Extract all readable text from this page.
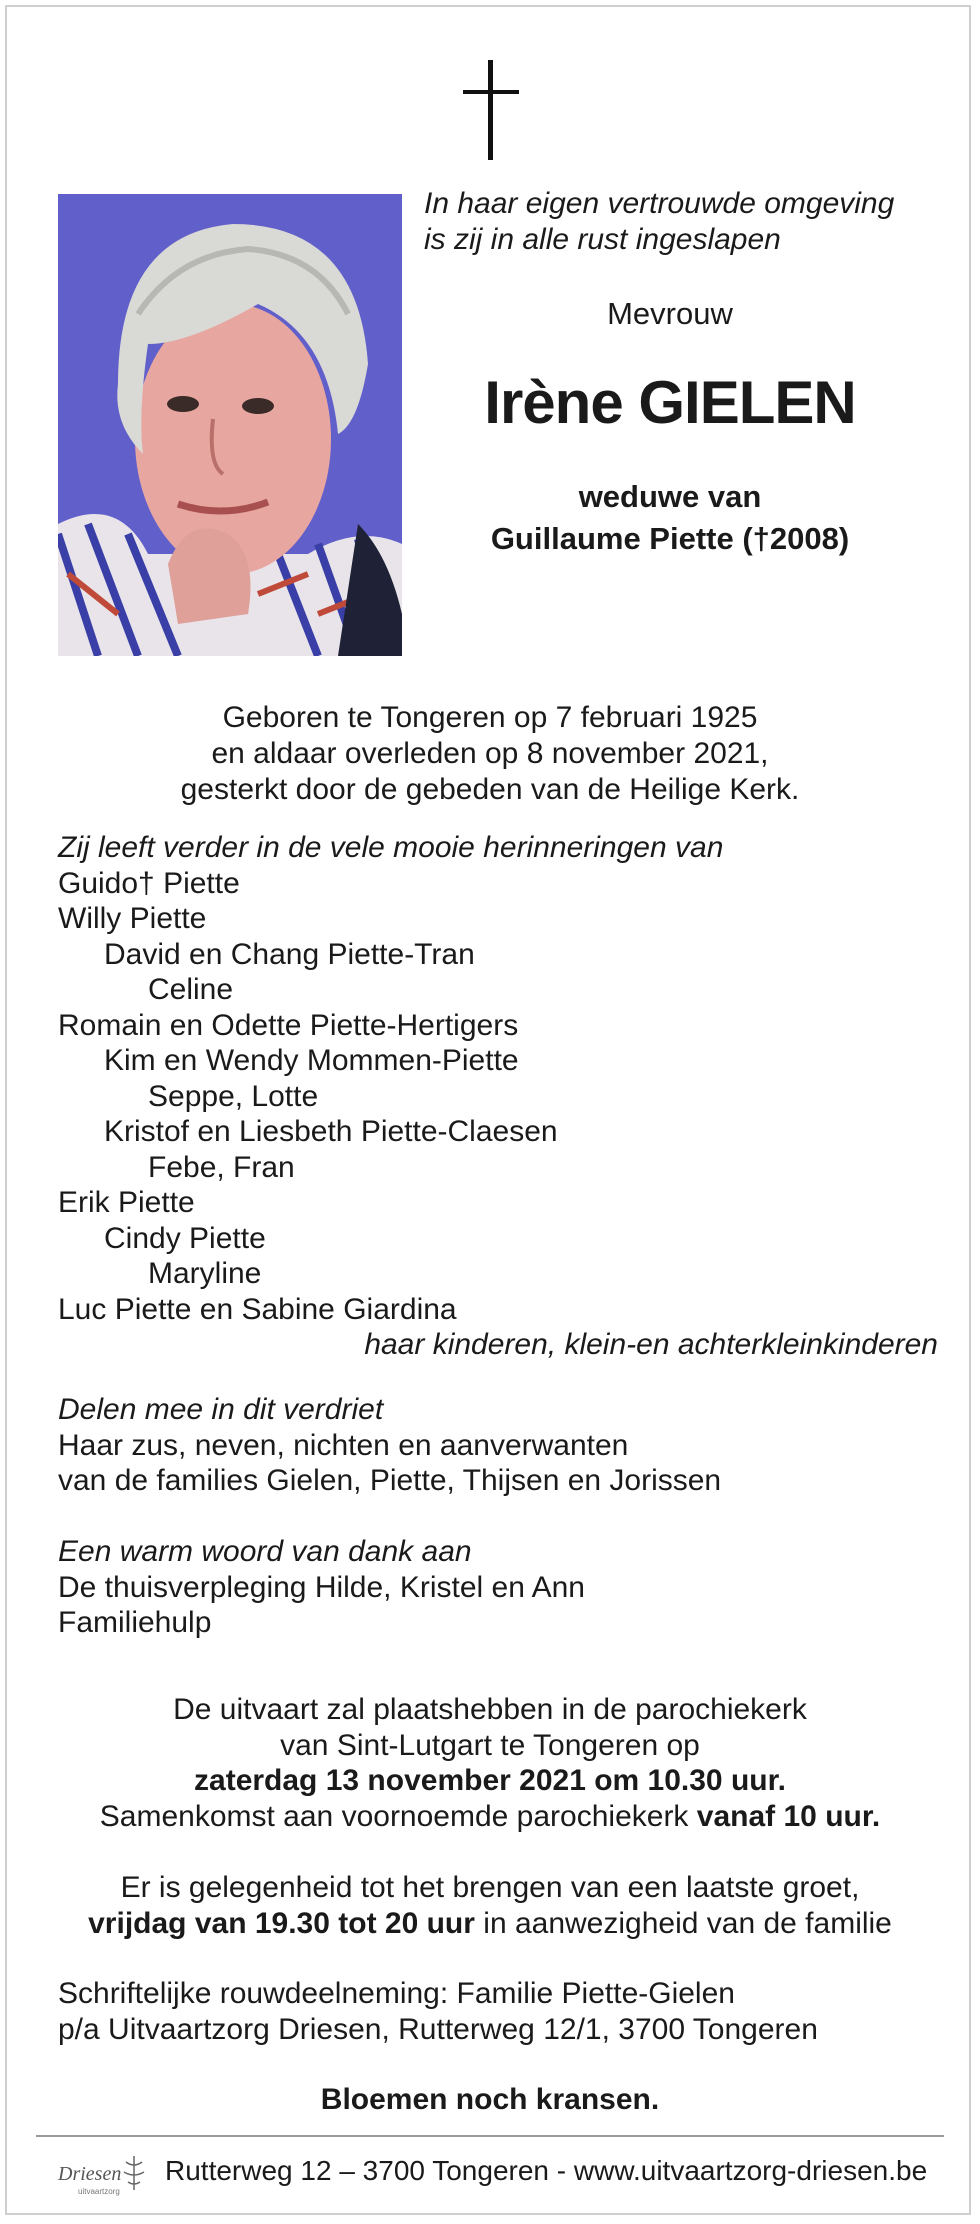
In haar eigen vertrouwde omgeving
is zij in alle rust ingeslapen
Mevrouw
Irène GIELEN
weduwe van
Guillaume Piette (†2008)
Geboren te Tongeren op 7 februari 1925
en aldaar overleden op 8 november 2021,
gesterkt door de gebeden van de Heilige Kerk.
Zij leeft verder in de vele mooie herinneringen van
Guido† Piette
Willy Piette
David en Chang Piette-Tran
Celine
Romain en Odette Piette-Hertigers
Kim en Wendy Mommen-Piette
Seppe, Lotte
Kristof en Liesbeth Piette-Claesen
Febe, Fran
Erik Piette
Cindy Piette
Maryline
Luc Piette en Sabine Giardina
haar kinderen, klein-en achterkleinkinderen
Delen mee in dit verdriet
Haar zus, neven, nichten en aanverwanten
van de families Gielen, Piette, Thijsen en Jorissen
Een warm woord van dank aan
De thuisverpleging Hilde, Kristel en Ann
Familiehulp
De uitvaart zal plaatshebben in de parochiekerk
van Sint-Lutgart te Tongeren op
zaterdag 13 november 2021 om 10.30 uur.
Samenkomst aan voornoemde parochiekerk vanaf 10 uur.
Er is gelegenheid tot het brengen van een laatste groet,
vrijdag van 19.30 tot 20 uur in aanwezigheid van de familie
Schriftelijke rouwdeelneming: Familie Piette-Gielen
p/a Uitvaartzorg Driesen, Rutterweg 12/1, 3700 Tongeren
Bloemen noch kransen.
Driesen
uitvaartzorg
Rutterweg 12 – 3700 Tongeren - www.uitvaartzorg-driesen.be
